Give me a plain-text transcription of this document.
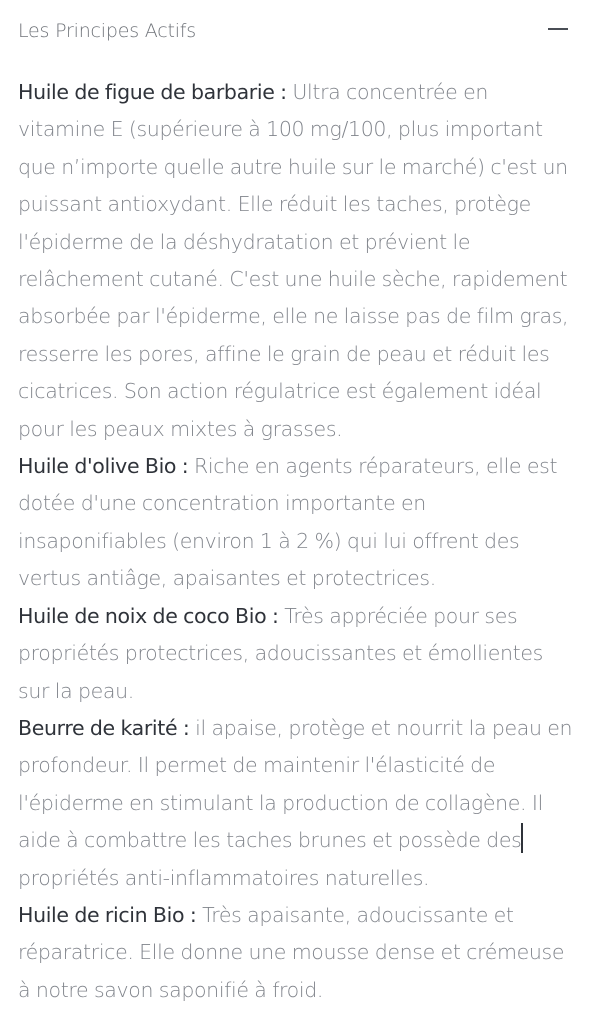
Les Principes Actifs

Huile de figue de barbarie : Ultra concentrée en vitamine E (supérieure à 100 mg/100, plus important que n’importe quelle autre huile sur le marché) c'est un puissant antioxydant. Elle réduit les taches, protège l'épiderme de la déshydratation et prévient le relâchement cutané. C'est une huile sèche, rapidement absorbée par l'épiderme, elle ne laisse pas de film gras, resserre les pores, affine le grain de peau et réduit les cicatrices. Son action régulatrice est également idéal pour les peaux mixtes à grasses.

Huile d'olive Bio : Riche en agents réparateurs, elle est dotée d'une concentration importante en insaponifiables (environ 1 à 2 %) qui lui offrent des vertus antiâge, apaisantes et protectrices.

Huile de noix de coco Bio : Très appréciée pour ses propriétés protectrices, adoucissantes et émollientes sur la peau.

Beurre de karité : il apaise, protège et nourrit la peau en profondeur. Il permet de maintenir l'élasticité de l'épiderme en stimulant la production de collagène. Il aide à combattre les taches brunes et possède des propriétés anti-inflammatoires naturelles.

Huile de ricin Bio : Très apaisante, adoucissante et réparatrice. Elle donne une mousse dense et crémeuse à notre savon saponifié à froid.
